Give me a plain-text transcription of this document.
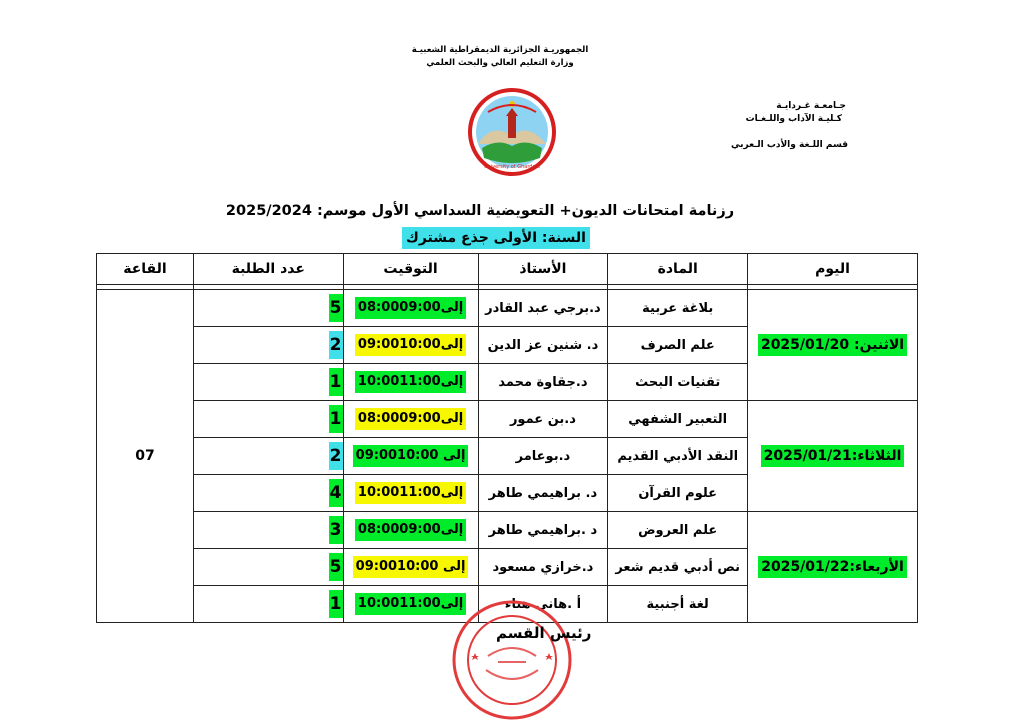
الجمهوريـة الجزائرية الديمقراطية الشعبيـة
وزارة التعليم العالي والبحث العلمي
جـامعـة غـردايـة
كـليـة الآداب واللـغـات
قسم اللـغة والأدب الـعربي
University of Ghardaia
رزنامة امتحانات الديون+ التعويضية السداسي الأول موسم: 2025/2024
السنة: الأولى جذع مشترك
اليوم	المادة	الأستاذ	التوقيت	عدد الطلبة	القاعة

الاثنين: 2025/01/20	بلاغة عربية	د.برجي عبد القادر	08:00إلى09:00	5	07
	علم الصرف	د. شنين عز الدين	09:00إلى10:00	2	
	تقنيات البحث	د.جقاوة محمد	10:00إلى11:00	1	
الثلاثاء:2025/01/21	التعبير الشفهي	د.بن عمور	08:00إلى09:00	1	
	النقد الأدبي القديم	د.بوعامر	09:00إلى 10:00	2	
	علوم القرآن	د. براهيمي طاهر	10:00إلى11:00	4	
الأربعاء:2025/01/22	علم العروض	د .براهيمي طاهر	08:00إلى09:00	3	
	نص أدبي قديم شعر	د.خرازي مسعود	09:00إلى 10:00	5	
	لغة أجنبية	أ .هاني هناء	10:00إلى11:00	1	
رئيس القسم
